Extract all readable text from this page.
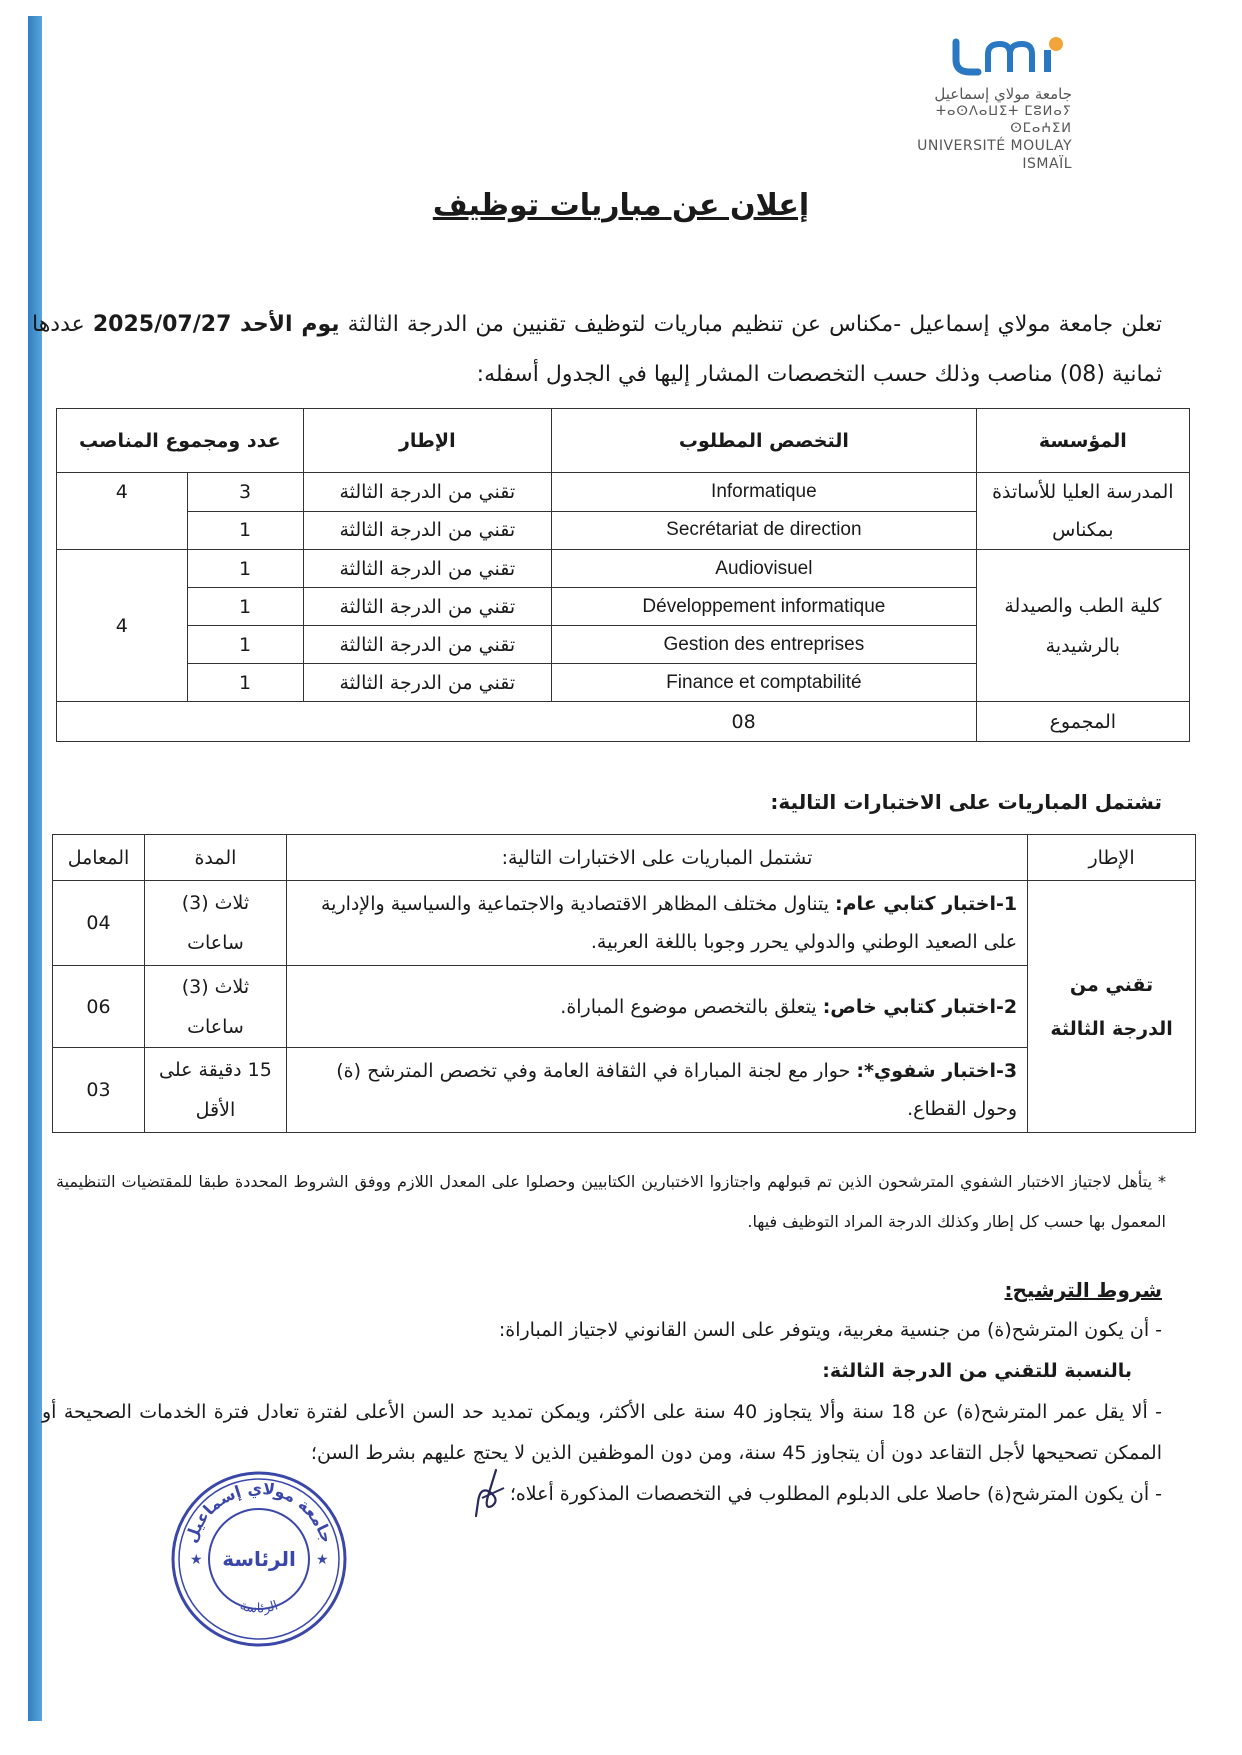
جامعة مولاي إسماعيل
ⵜⴰⵙⴷⴰⵡⵉⵜ ⵎⵓⵍⴰⵢ ⵙⵎⴰⵄⵉⵍ
UNIVERSITÉ MOULAY ISMAÏL
إعلان عن مباريات توظيف
تعلن جامعة مولاي إسماعيل -مكناس عن تنظيم مباريات لتوظيف تقنيين من الدرجة الثالثة يوم الأحد 2025/07/27 عددها ثمانية (08) مناصب وذلك حسب التخصصات المشار إليها في الجدول أسفله:
المؤسسة	التخصص المطلوب	الإطار	عدد ومجموع المناصب	
المدرسة العليا للأساتذة بمكناس	Informatique	تقني من الدرجة الثالثة	3	4
	Secrétariat de direction	تقني من الدرجة الثالثة	1	
كلية الطب والصيدلة بالرشيدية	Audiovisuel	تقني من الدرجة الثالثة	1	4
	Développement informatique	تقني من الدرجة الثالثة	1	
	Gestion des entreprises	تقني من الدرجة الثالثة	1	
	Finance et comptabilité	تقني من الدرجة الثالثة	1	
المجموع	08			
تشتمل المباريات على الاختبارات التالية:
الإطار	تشتمل المباريات على الاختبارات التالية:	المدة	المعامل
تقني من الدرجة الثالثة	1-اختبار كتابي عام: يتناول مختلف المظاهر الاقتصادية والاجتماعية والسياسية والإدارية على الصعيد الوطني والدولي يحرر وجوبا باللغة العربية.	ثلاث (3) ساعات	04
	2-اختبار كتابي خاص: يتعلق بالتخصص موضوع المباراة.	ثلاث (3) ساعات	06
	3-اختبار شفوي*: حوار مع لجنة المباراة في الثقافة العامة وفي تخصص المترشح (ة) وحول القطاع.	15 دقيقة على الأقل	03
* يتأهل لاجتياز الاختبار الشفوي المترشحون الذين تم قبولهم واجتازوا الاختبارين الكتابيين وحصلوا على المعدل اللازم ووفق الشروط المحددة طبقا للمقتضيات التنظيمية المعمول بها حسب كل إطار وكذلك الدرجة المراد التوظيف فيها.
شروط الترشيح:

- أن يكون المترشح(ة) من جنسية مغربية، ويتوفر على السن القانوني لاجتياز المباراة:

بالنسبة للتقني من الدرجة الثالثة:

- ألا يقل عمر المترشح(ة) عن 18 سنة وألا يتجاوز 40 سنة على الأكثر، ويمكن تمديد حد السن الأعلى لفترة تعادل فترة الخدمات الصحيحة أو الممكن تصحيحها لأجل التقاعد دون أن يتجاوز 45 سنة، ومن دون الموظفين الذين لا يحتج عليهم بشرط السن؛

- أن يكون المترشح(ة) حاصلا على الدبلوم المطلوب في التخصصات المذكورة أعلاه؛

جامعة مولاي إسماعيل
الرئاسة
الرئاسة
★	★
